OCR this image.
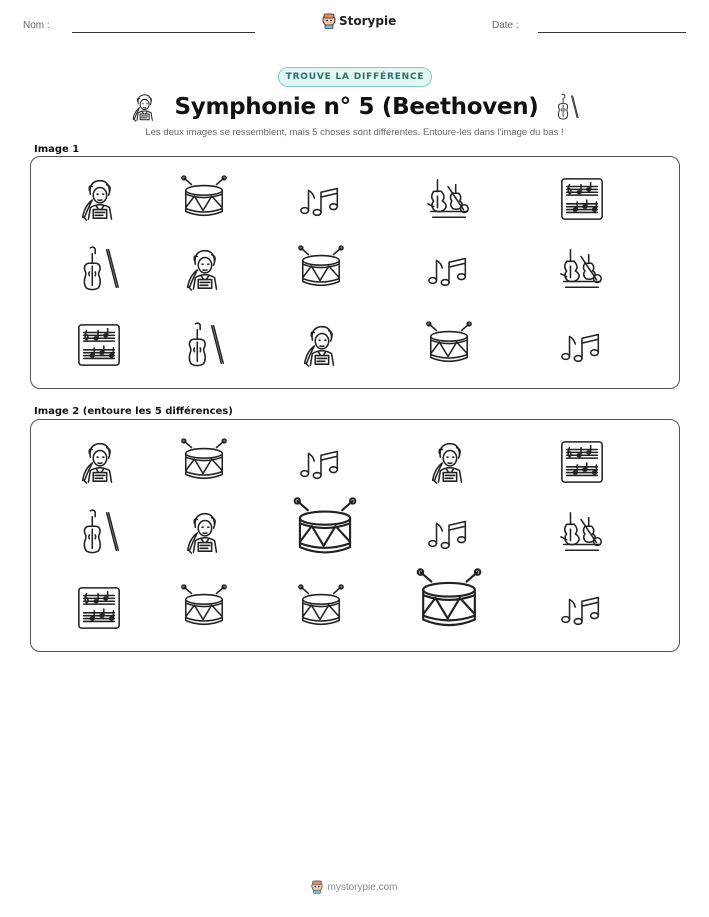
Nom :	Storypie	Date :
TROUVE LA DIFFÉRENCE
Symphonie n° 5 (Beethoven)
Les deux images se ressemblent, mais 5 choses sont différentes. Entoure-les dans l'image du bas !
Image 1
Image 2 (entoure les 5 différences)
mystorypie.com
